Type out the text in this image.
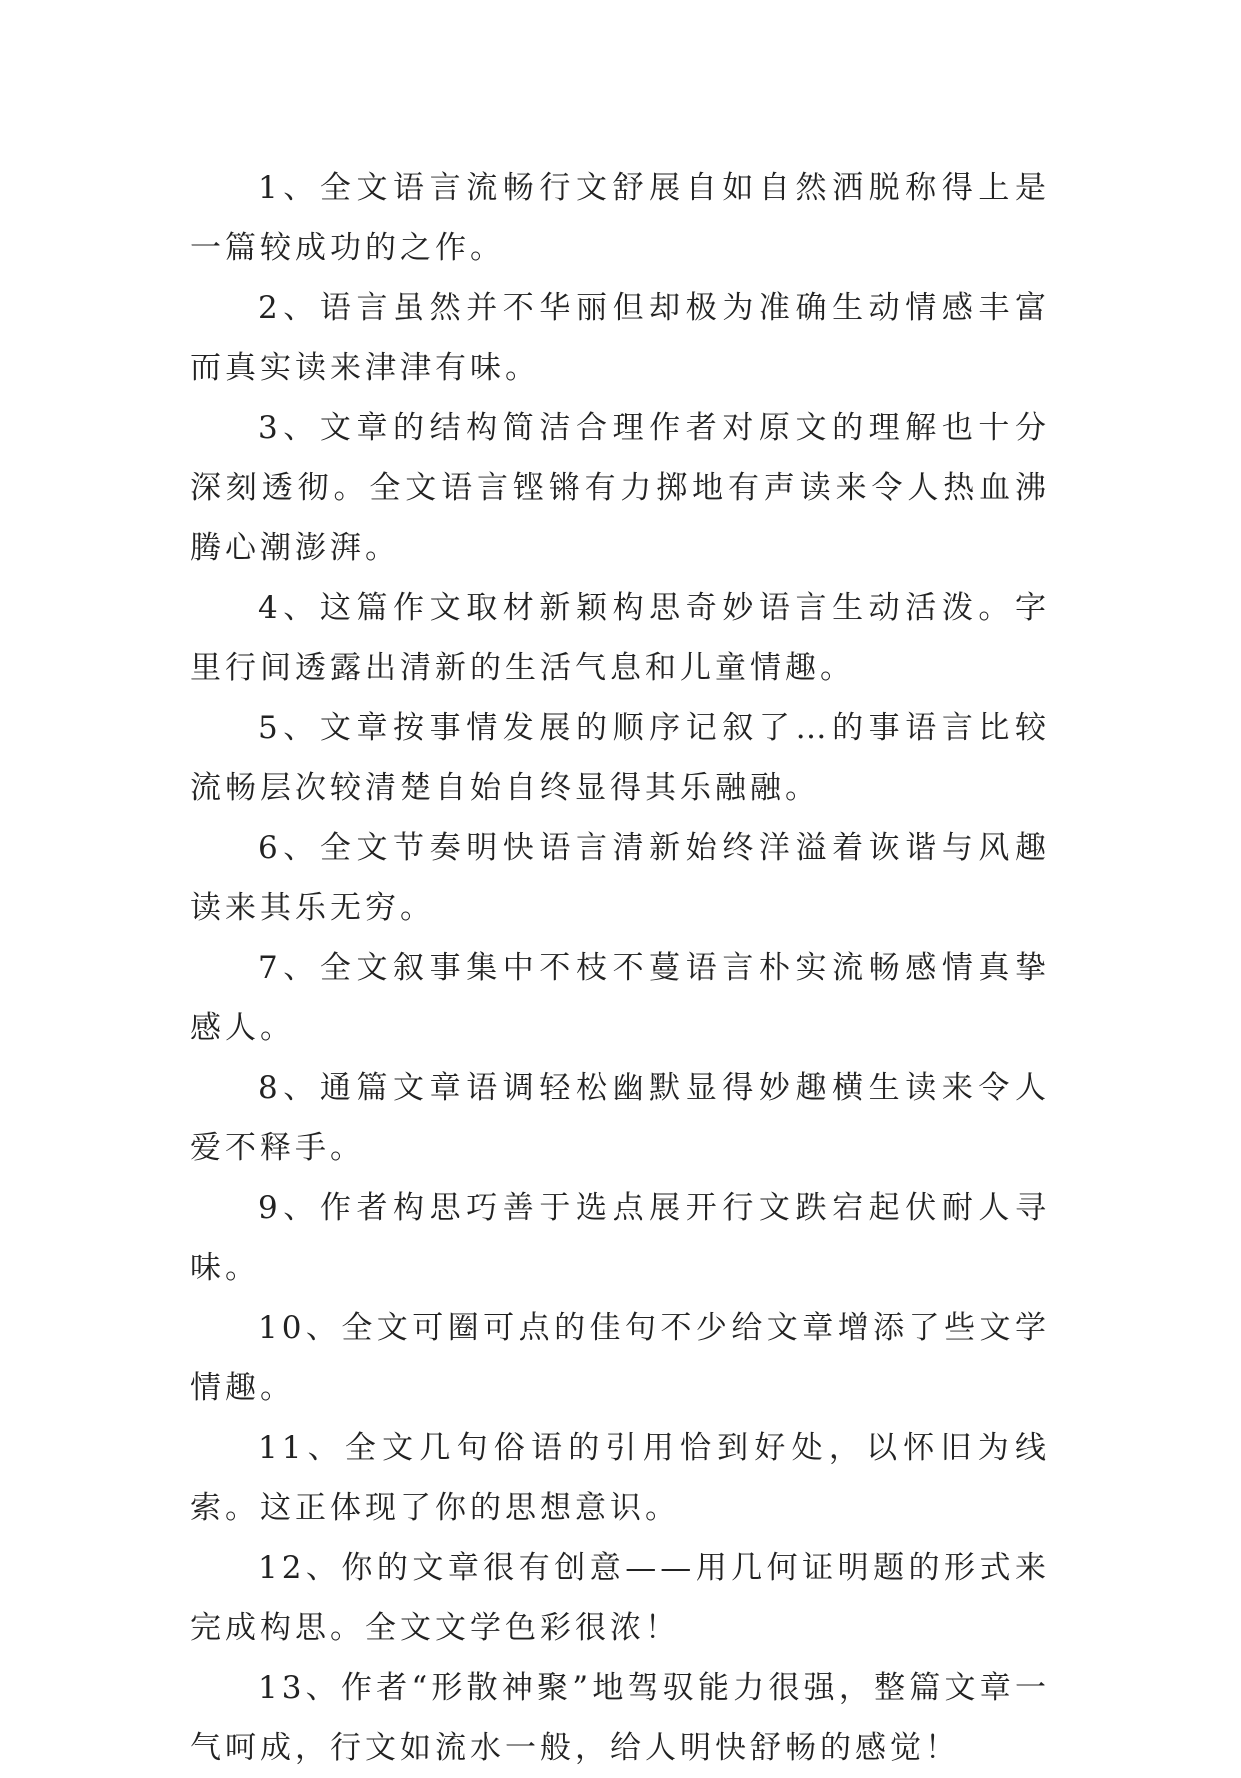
1、全文语言流畅行文舒展自如自然洒脱称得上是一篇较成功的之作。

2、语言虽然并不华丽但却极为准确生动情感丰富而真实读来津津有味。

3、文章的结构简洁合理作者对原文的理解也十分深刻透彻。全文语言铿锵有力掷地有声读来令人热血沸腾心潮澎湃。

4、这篇作文取材新颖构思奇妙语言生动活泼。字里行间透露出清新的生活气息和儿童情趣。

5、文章按事情发展的顺序记叙了…的事语言比较流畅层次较清楚自始自终显得其乐融融。

6、全文节奏明快语言清新始终洋溢着诙谐与风趣读来其乐无穷。

7、全文叙事集中不枝不蔓语言朴实流畅感情真挚感人。

8、通篇文章语调轻松幽默显得妙趣横生读来令人爱不释手。

9、作者构思巧善于选点展开行文跌宕起伏耐人寻味。

10、全文可圈可点的佳句不少给文章增添了些文学情趣。

11、全文几句俗语的引用恰到好处，以怀旧为线索。这正体现了你的思想意识。

12、你的文章很有创意——用几何证明题的形式来完成构思。全文文学色彩很浓！

13、作者“形散神聚”地驾驭能力很强，整篇文章一气呵成，行文如流水一般，给人明快舒畅的感觉！
